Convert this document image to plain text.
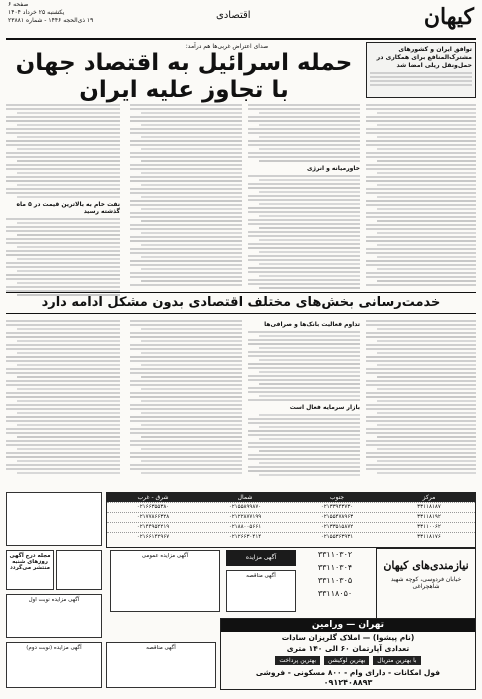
کیهان
اقتصادی
صفحه ۶
یکشنبه ۲۵ خرداد ۱۴۰۴
۱۹ ذی‌الحجه ۱۴۴۶ - شماره ۲۳۸۸۱
توافق ایران و کشورهای مشترک‌المنافع برای همکاری در حمل‌ونقل ریلی امضا شد
صدای اعتراض غربی‌ها هم درآمد:
حمله اسرائیل به اقتصاد جهان
با تجاوز علیه ایران
خاورمیانه و انرژی
نفت خام به بالاترین قیمت در ۵ ماه گذشته رسید
خدمت‌رسانی بخش‌های مختلف اقتصادی بدون مشکل ادامه دارد
تداوم فعالیت بانک‌ها و صرافی‌ها
بازار سرمایه فعال است
مرکز
جنوب
شمال
شرق - غرب
۳۳۱۱۸۱۸۷
۰۲۱۳۳۹۴۳۷۳۰
۰۲۱۵۵۸۹۹۸۷۰
۰۲۱۶۶۳۵۵۳۸۰
۳۳۱۱۸۱۹۲
۰۲۱۵۵۴۷۸۹۶۳
۰۲۱۲۲۸۷۷۱۹۹
۰۲۱۷۷۸۶۶۳۲۸
۳۳۱۱۰۰۶۲
۰۲۱۳۳۵۱۵۸۷۲
۰۲۱۸۸۰۰۵۶۶۱
۰۲۱۴۴۹۵۲۲۱۹
۳۳۱۱۸۱۷۶
۰۲۱۵۵۳۶۳۹۳۱
۰۲۱۲۶۶۳۰۴۱۴
۰۲۱۶۶۱۴۲۹۶۷
نیازمندی‌های کیهان
خیابان فردوسی، کوچه شهید شاهچراغی
۳۳۱۱۰۳۰۲
۳۳۱۱۰۳۰۴
۳۳۱۱۰۳۰۵
۳۳۱۱۸۰۵۰
آگهی مزایده
آگهی مناقصه
آگهی مزایده عمومی
مجله درج آگهی روزهای شنبه
منتشر می‌گردد
آگهی مزایده نوبت اول
آگهی مزایده (نوبت دوم)	آگهی مناقصه
تهران — ورامین
(نام پیشوا) — املاک گلریزان سادات
تعدادی آپارتمان ۶۰ الی ۱۴۰ متری
با بهترین متریال
بهترین لوکیشن
بهترین پرداخت
فول امکانات - دارای وام - ۸۰۰ مسکونی - فروشی
۰۹۱۲۴۰۸۸۹۳
